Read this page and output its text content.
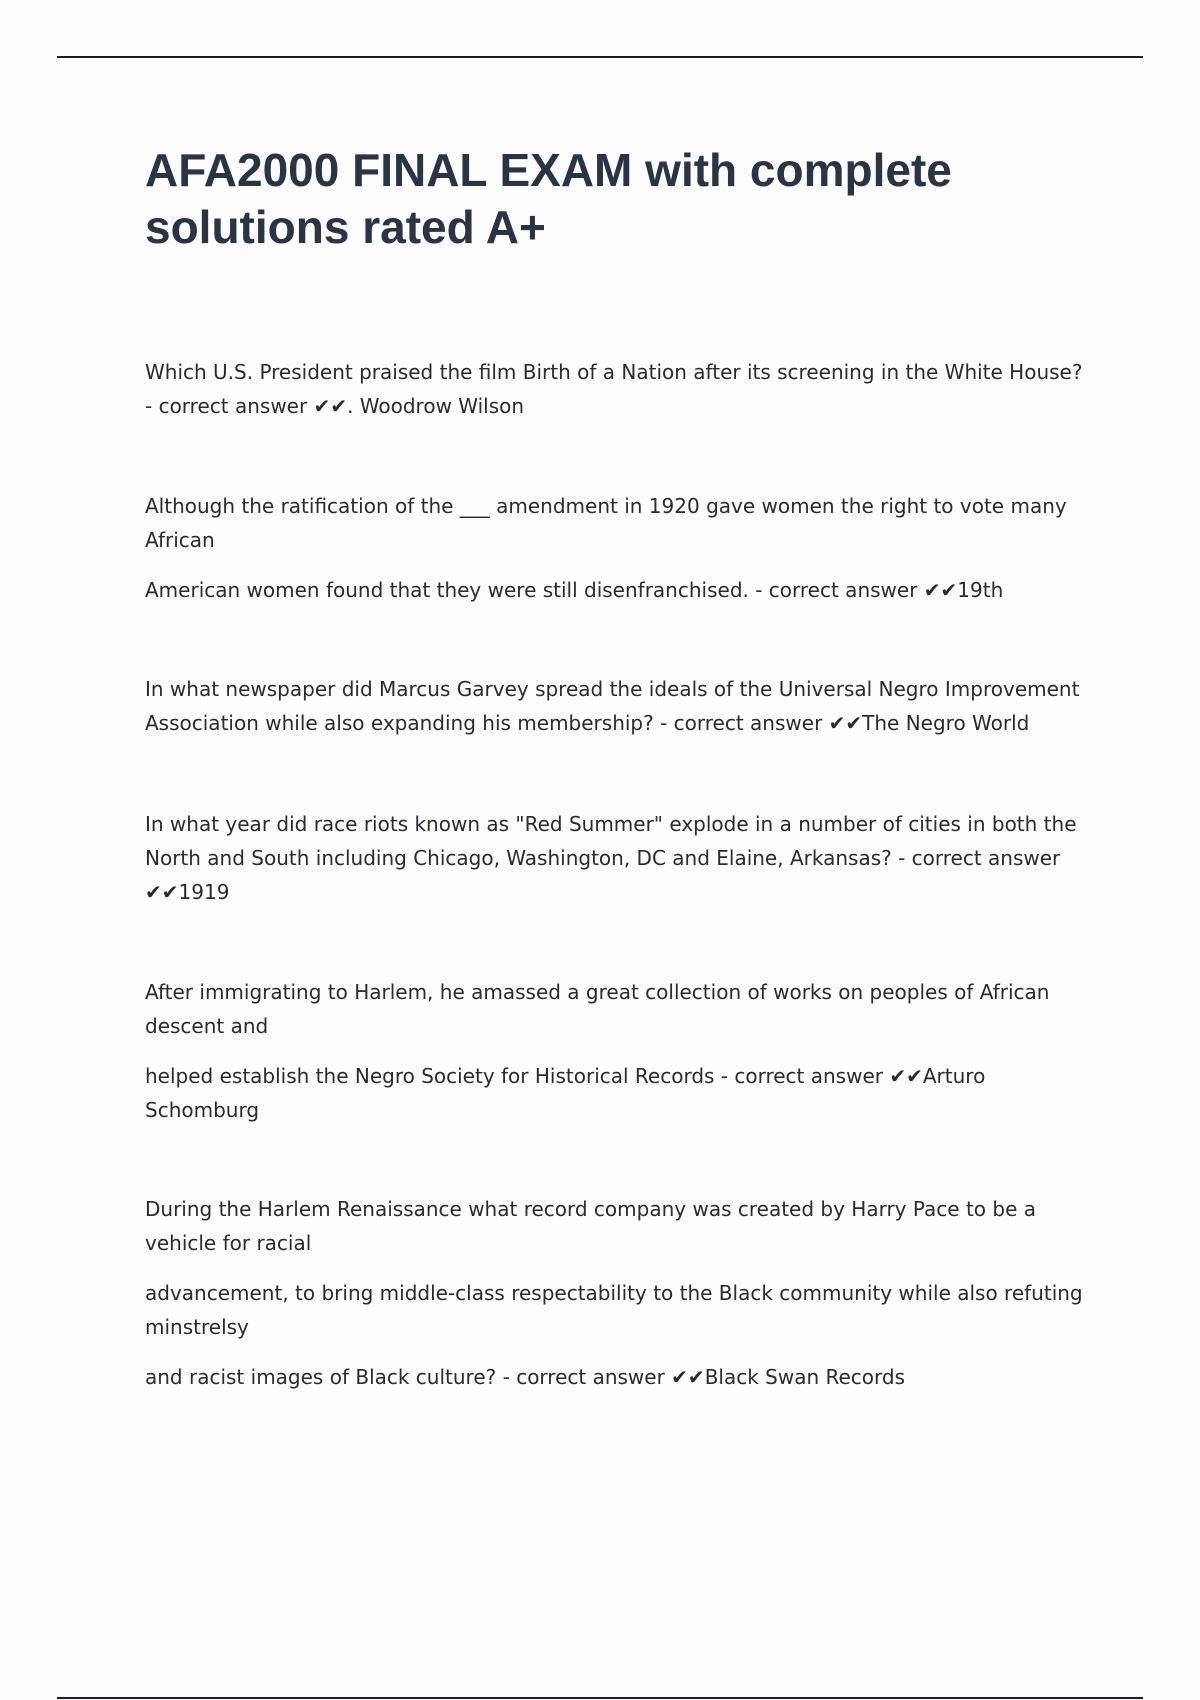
AFA2000 FINAL EXAM with complete solutions rated A+

Which U.S. President praised the film Birth of a Nation after its screening in the White House? - correct answer ✔✔. Woodrow Wilson

Although the ratification of the ___ amendment in 1920 gave women the right to vote many African

American women found that they were still disenfranchised. - correct answer ✔✔19th

In what newspaper did Marcus Garvey spread the ideals of the Universal Negro Improvement Association while also expanding his membership? - correct answer ✔✔The Negro World

In what year did race riots known as "Red Summer" explode in a number of cities in both the North and South including Chicago, Washington, DC and Elaine, Arkansas? - correct answer ✔✔1919

After immigrating to Harlem, he amassed a great collection of works on peoples of African descent and

helped establish the Negro Society for Historical Records - correct answer ✔✔Arturo Schomburg

During the Harlem Renaissance what record company was created by Harry Pace to be a vehicle for racial

advancement, to bring middle-class respectability to the Black community while also refuting minstrelsy

and racist images of Black culture? - correct answer ✔✔Black Swan Records
